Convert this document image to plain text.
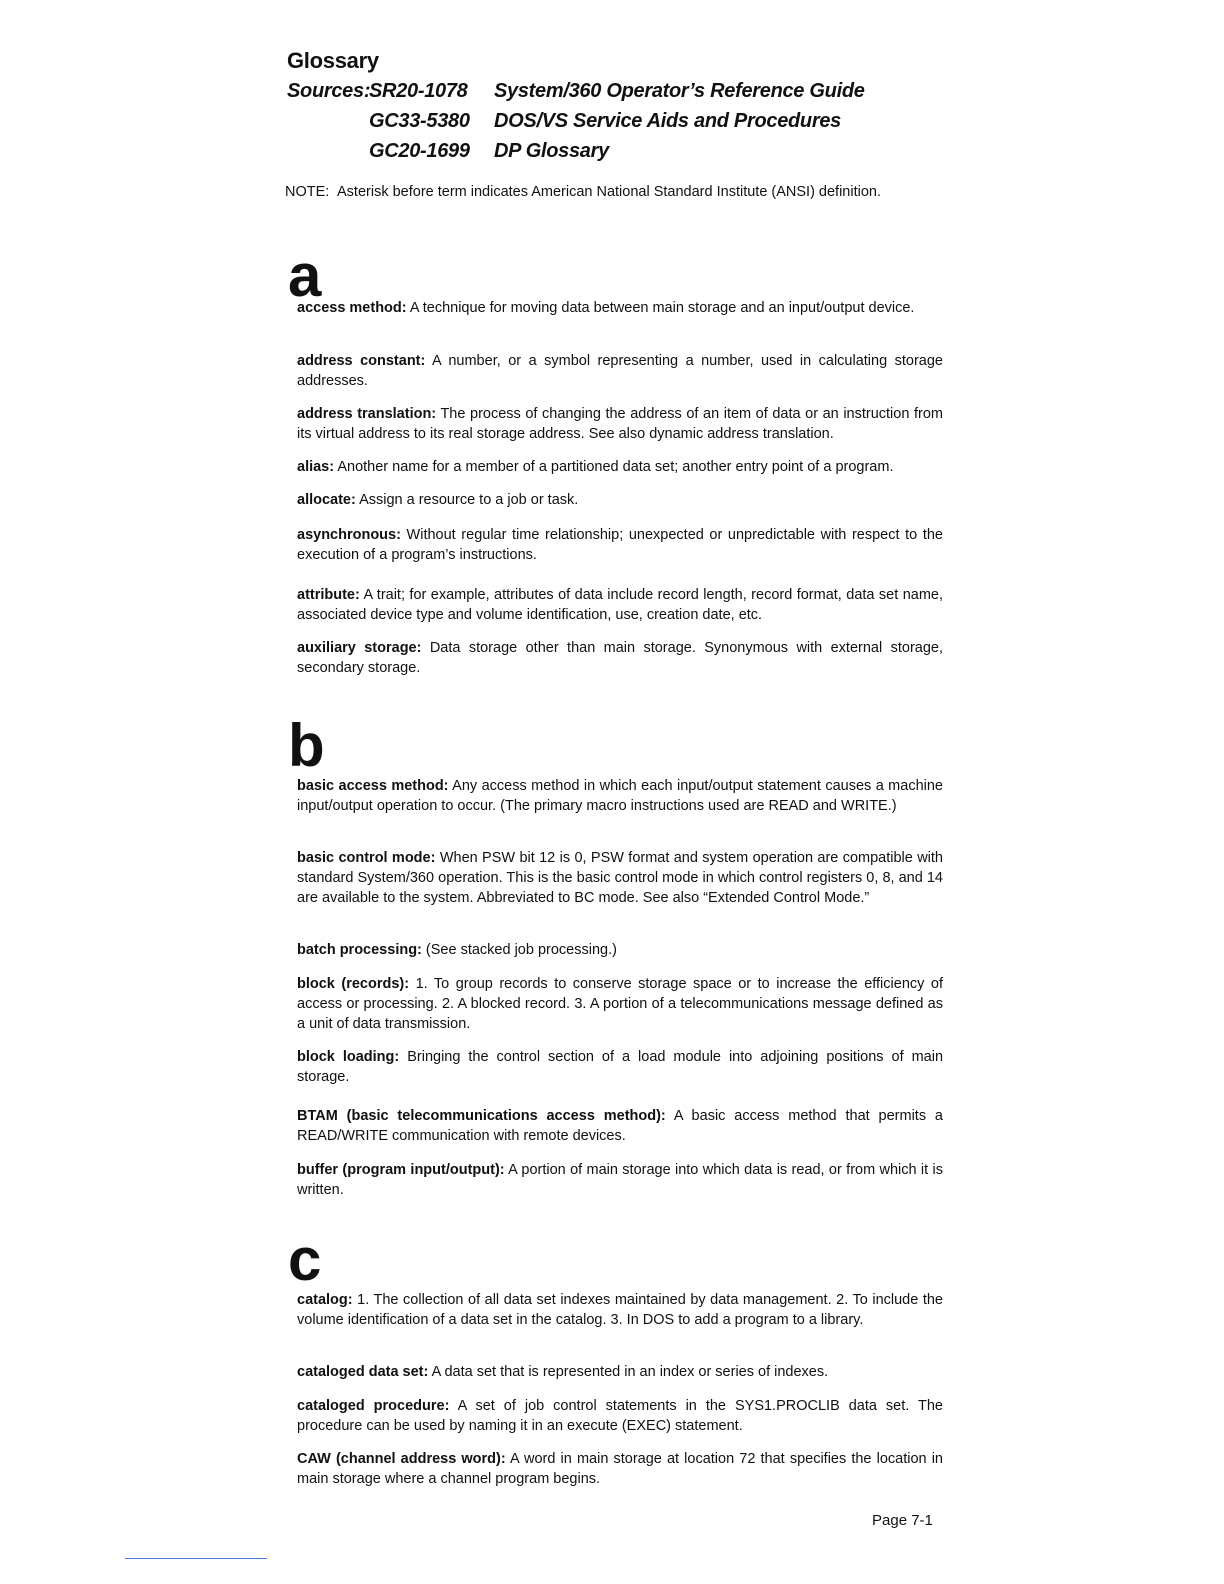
Glossary
Sources:
SR20-1078 System/360 Operator’s Reference Guide
GC33-5380 DOS/VS Service Aids and Procedures
GC20-1699 DP Glossary
NOTE: Asterisk before term indicates American National Standard Institute (ANSI) definition.
a
access method: A technique for moving data between main storage and an input/output device.
address constant: A number, or a symbol representing a number, used in calculating storage addresses.
address translation: The process of changing the address of an item of data or an instruction from its virtual address to its real storage address. See also dynamic address translation.
alias: Another name for a member of a partitioned data set; another entry point of a program.
allocate: Assign a resource to a job or task.
asynchronous: Without regular time relationship; unexpected or unpredictable with respect to the execution of a program’s instructions.
attribute: A trait; for example, attributes of data include record length, record format, data set name, associated device type and volume identification, use, creation date, etc.
auxiliary storage: Data storage other than main storage. Synonymous with external storage, secondary storage.
b
basic access method: Any access method in which each input/output statement causes a machine input/output operation to occur. (The primary macro instructions used are READ and WRITE.)
basic control mode: When PSW bit 12 is 0, PSW format and system operation are compatible with standard System/360 operation. This is the basic control mode in which control registers 0, 8, and 14 are available to the system. Abbreviated to BC mode. See also “Extended Control Mode.”
batch processing: (See stacked job processing.)
block (records): 1. To group records to conserve storage space or to increase the efficiency of access or processing. 2. A blocked record. 3. A portion of a telecommunications message defined as a unit of data transmission.
block loading: Bringing the control section of a load module into adjoining positions of main storage.
BTAM (basic telecommunications access method): A basic access method that permits a READ/WRITE communication with remote devices.
buffer (program input/output): A portion of main storage into which data is read, or from which it is written.
c
catalog: 1. The collection of all data set indexes maintained by data management. 2. To include the volume identification of a data set in the catalog. 3. In DOS to add a program to a library.
cataloged data set: A data set that is represented in an index or series of indexes.
cataloged procedure: A set of job control statements in the SYS1.PROCLIB data set. The procedure can be used by naming it in an execute (EXEC) statement.
CAW (channel address word): A word in main storage at location 72 that specifies the location in main storage where a channel program begins.
Page 7-1
